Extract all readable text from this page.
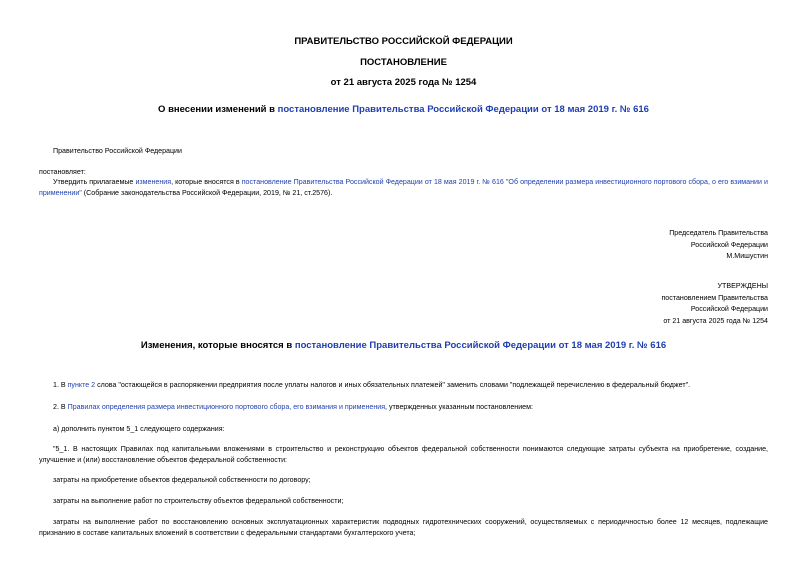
ПРАВИТЕЛЬСТВО РОССИЙСКОЙ ФЕДЕРАЦИИ
ПОСТАНОВЛЕНИЕ
от 21 августа 2025 года № 1254
О внесении изменений в постановление Правительства Российской Федерации от 18 мая 2019 г. № 616
Правительство Российской Федерации
постановляет:
Утвердить прилагаемые изменения, которые вносятся в постановление Правительства Российской Федерации от 18 мая 2019 г. № 616 "Об определении размера инвестиционного портового сбора, о его взимании и применении" (Собрание законодательства Российской Федерации, 2019, № 21, ст.2576).
Председатель Правительства
Российской Федерации
М.Мишустин
УТВЕРЖДЕНЫ
постановлением Правительства
Российской Федерации
от 21 августа 2025 года № 1254
Изменения, которые вносятся в постановление Правительства Российской Федерации от 18 мая 2019 г. № 616
1. В пункте 2 слова "остающейся в распоряжении предприятия после уплаты налогов и иных обязательных платежей" заменить словами "подлежащей перечислению в федеральный бюджет".
2. В Правилах определения размера инвестиционного портового сбора, его взимания и применения, утвержденных указанным постановлением:
а) дополнить пунктом 5_1 следующего содержания:
"5_1. В настоящих Правилах под капитальными вложениями в строительство и реконструкцию объектов федеральной собственности понимаются следующие затраты субъекта на приобретение, создание, улучшение и (или) восстановление объектов федеральной собственности:
затраты на приобретение объектов федеральной собственности по договору;
затраты на выполнение работ по строительству объектов федеральной собственности;
затраты на выполнение работ по восстановлению основных эксплуатационных характеристик подводных гидротехнических сооружений, осуществляемых с периодичностью более 12 месяцев, подлежащие признанию в составе капитальных вложений в соответствии с федеральными стандартами бухгалтерского учета;
